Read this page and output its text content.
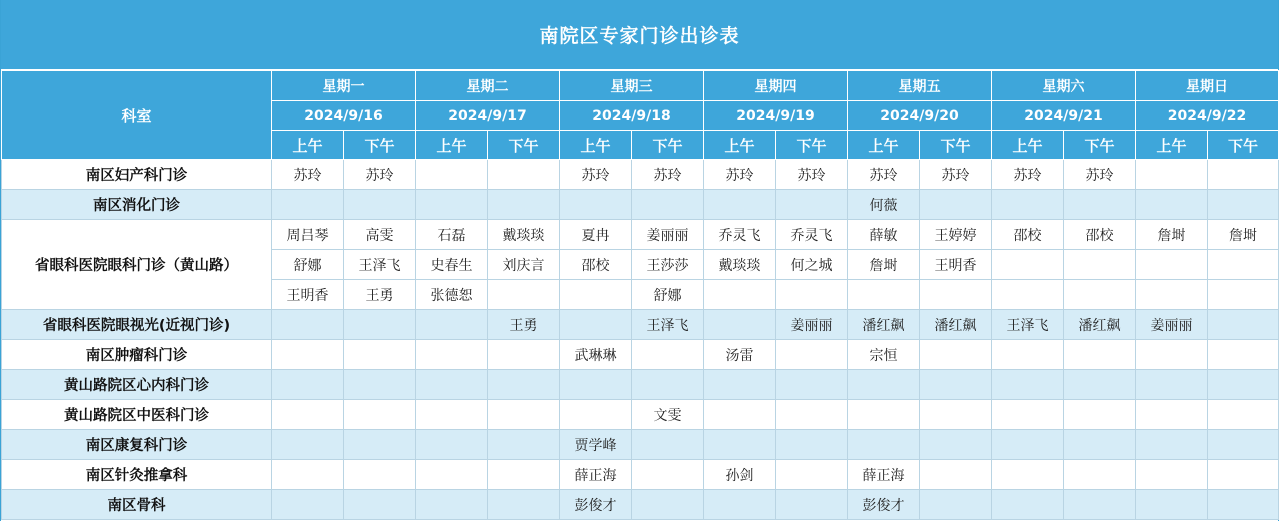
南院区专家门诊出诊表
科室	星期一		星期二		星期三		星期四		星期五		星期六		星期日	
	2024/9/16		2024/9/17		2024/9/18		2024/9/19		2024/9/20		2024/9/21		2024/9/22	
	上午	下午	上午	下午	上午	下午	上午	下午	上午	下午	上午	下午	上午	下午
南区妇产科门诊	苏玲	苏玲			苏玲	苏玲	苏玲	苏玲	苏玲	苏玲	苏玲	苏玲		
南区消化门诊									何薇					
省眼科医院眼科门诊（黄山路）	周吕琴	高雯	石磊	戴琰琰	夏冉	姜丽丽	乔灵飞	乔灵飞	薛敏	王婷婷	邵校	邵校	詹埘	詹埘
	舒娜	王泽飞	史春生	刘庆言	邵校	王莎莎	戴琰琰	何之城	詹埘	王明香				
	王明香	王勇	张德恕			舒娜								
省眼科医院眼视光(近视门诊)				王勇		王泽飞		姜丽丽	潘红飙	潘红飙	王泽飞	潘红飙	姜丽丽	
南区肿瘤科门诊					武琳琳		汤雷		宗恒					
黄山路院区心内科门诊														
黄山路院区中医科门诊						文雯								
南区康复科门诊					贾学峰									
南区针灸推拿科					薛正海		孙剑		薛正海					
南区骨科					彭俊才				彭俊才					
